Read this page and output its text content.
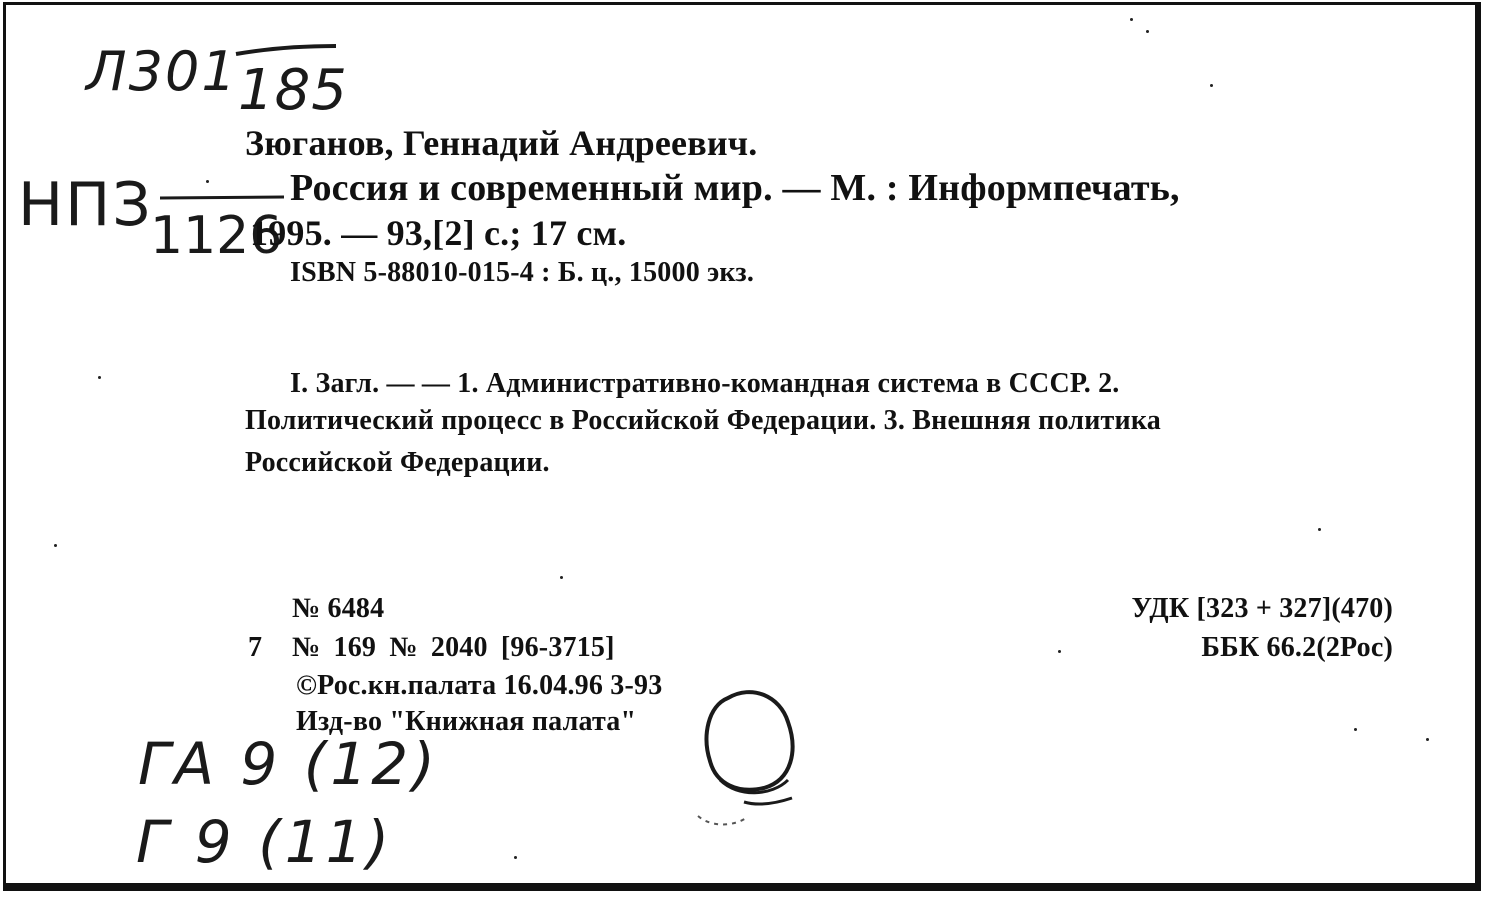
Л301 185
НПЗ
1126
Зюганов, Геннадий Андреевич.
Россия и современный мир. — М. : Информпечать,
1995. — 93,[2] с.; 17 см.
ISBN 5-88010-015-4 : Б. ц., 15000 экз.
I. Загл. — — 1. Административно-командная система в СССР. 2.
Политический процесс в Российской Федерации. 3. Внешняя политика
Российской Федерации.
№ 6484
7 № 169 № 2040 [96-3715]
©Рос.кн.палата 16.04.96 3-93
Изд-во "Книжная палата"
УДК [323 + 327](470)
ББК 66.2(2Рос)
ГА 9 (12)
Г 9 (11)
